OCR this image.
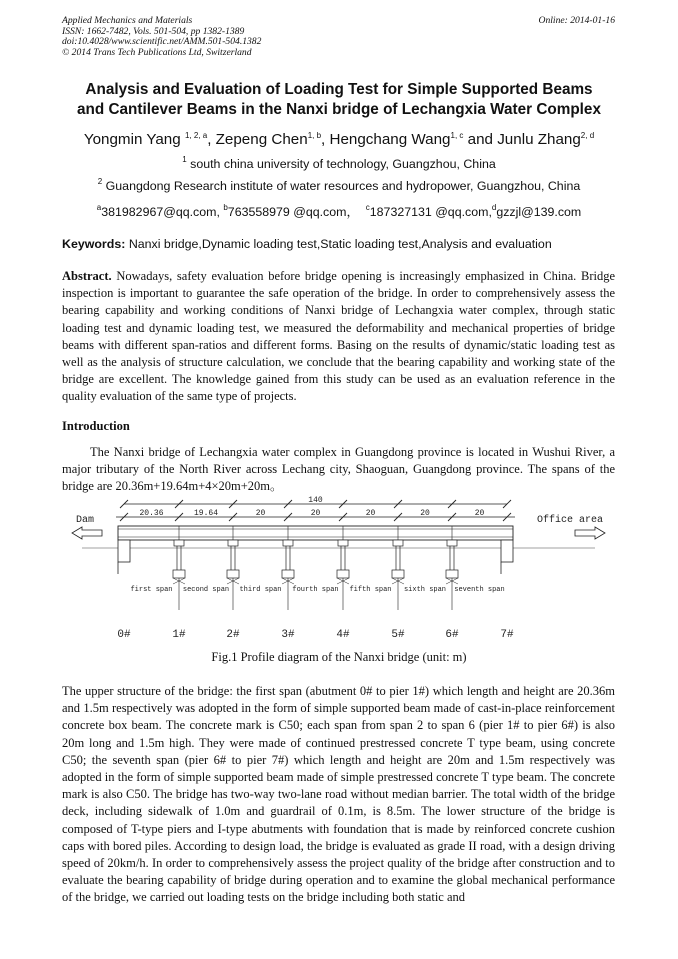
Applied Mechanics and Materials
ISSN: 1662-7482, Vols. 501-504, pp 1382-1389
doi:10.4028/www.scientific.net/AMM.501-504.1382
© 2014 Trans Tech Publications Ltd, Switzerland
Online: 2014-01-16
Analysis and Evaluation of Loading Test for Simple Supported Beams
and Cantilever Beams in the Nanxi bridge of Lechangxia Water Complex
Yongmin Yang $^{1, 2, a}$, Zepeng Chen$^{1, b}$, Hengchang Wang$^{1, c}$ and Junlu Zhang$^{2, d}$
$^1$ south china university of technology, Guangzhou, China
$^2$ Guangdong Research institute of water resources and hydropower, Guangzhou, China
$^a$381982967@qq.com, $^b$763558979 @qq.com， $^c$187327131 @qq.com,$^d$gzzjl@139.com
Keywords: Nanxi bridge,Dynamic loading test,Static loading test,Analysis and evaluation
Abstract. Nowadays, safety evaluation before bridge opening is increasingly emphasized in China. Bridge inspection is important to guarantee the safe operation of the bridge. In order to comprehensively assess the bearing capability and working conditions of Nanxi bridge of Lechangxia water complex, through static loading test and dynamic loading test, we measured the deformability and mechanical properties of bridge beams with different span-ratios and different forms. Basing on the results of dynamic/static loading test as well as the analysis of structure calculation, we conclude that the bearing capability and working state of the bridge are excellent. The knowledge gained from this study can be used as an evaluation reference in the quality evaluation of the same type of projects.
Introduction
The Nanxi bridge of Lechangxia water complex in Guangdong province is located in Wushui River, a major tributary of the North River across Lechang city, Shaoguan, Guangdong province. The spans of the bridge are 20.36m+19.64m+4×20m+20m。
140
20.36	19.64	20	20	20	20	20
first span second span third span fourth span fifth span sixth span seventh span
0#	1#	2#	3#	4#	5#	6#	7#
Dam	Office area
Fig.1 Profile diagram of the Nanxi bridge (unit: m)
The upper structure of the bridge: the first span (abutment 0# to pier 1#) which length and height are 20.36m and 1.5m respectively was adopted in the form of simple supported beam made of cast-in-place reinforcement concrete box beam. The concrete mark is C50; each span from span 2 to span 6 (pier 1# to pier 6#) is also 20m long and 1.5m high. They were made of continued prestressed concrete T type beam, using concrete C50; the seventh span (pier 6# to pier 7#) which length and height are 20m and 1.5m respectively was adopted in the form of simple supported beam made of simple prestressed concrete T type beam. The concrete mark is also C50. The bridge has two-way two-lane road without median barrier. The total width of the bridge deck, including sidewalk of 1.0m and guardrail of 0.1m, is 8.5m. The lower structure of the bridge is composed of T-type piers and I-type abutments with foundation that is made by reinforced concrete cushion caps with bored piles. According to design load, the bridge is evaluated as grade II road, with a design driving speed of 20km/h. In order to comprehensively assess the project quality of the bridge after construction and to evaluate the bearing capability of bridge during operation and to examine the global mechanical performance of the bridge, we carried out loading tests on the bridge including both static and
